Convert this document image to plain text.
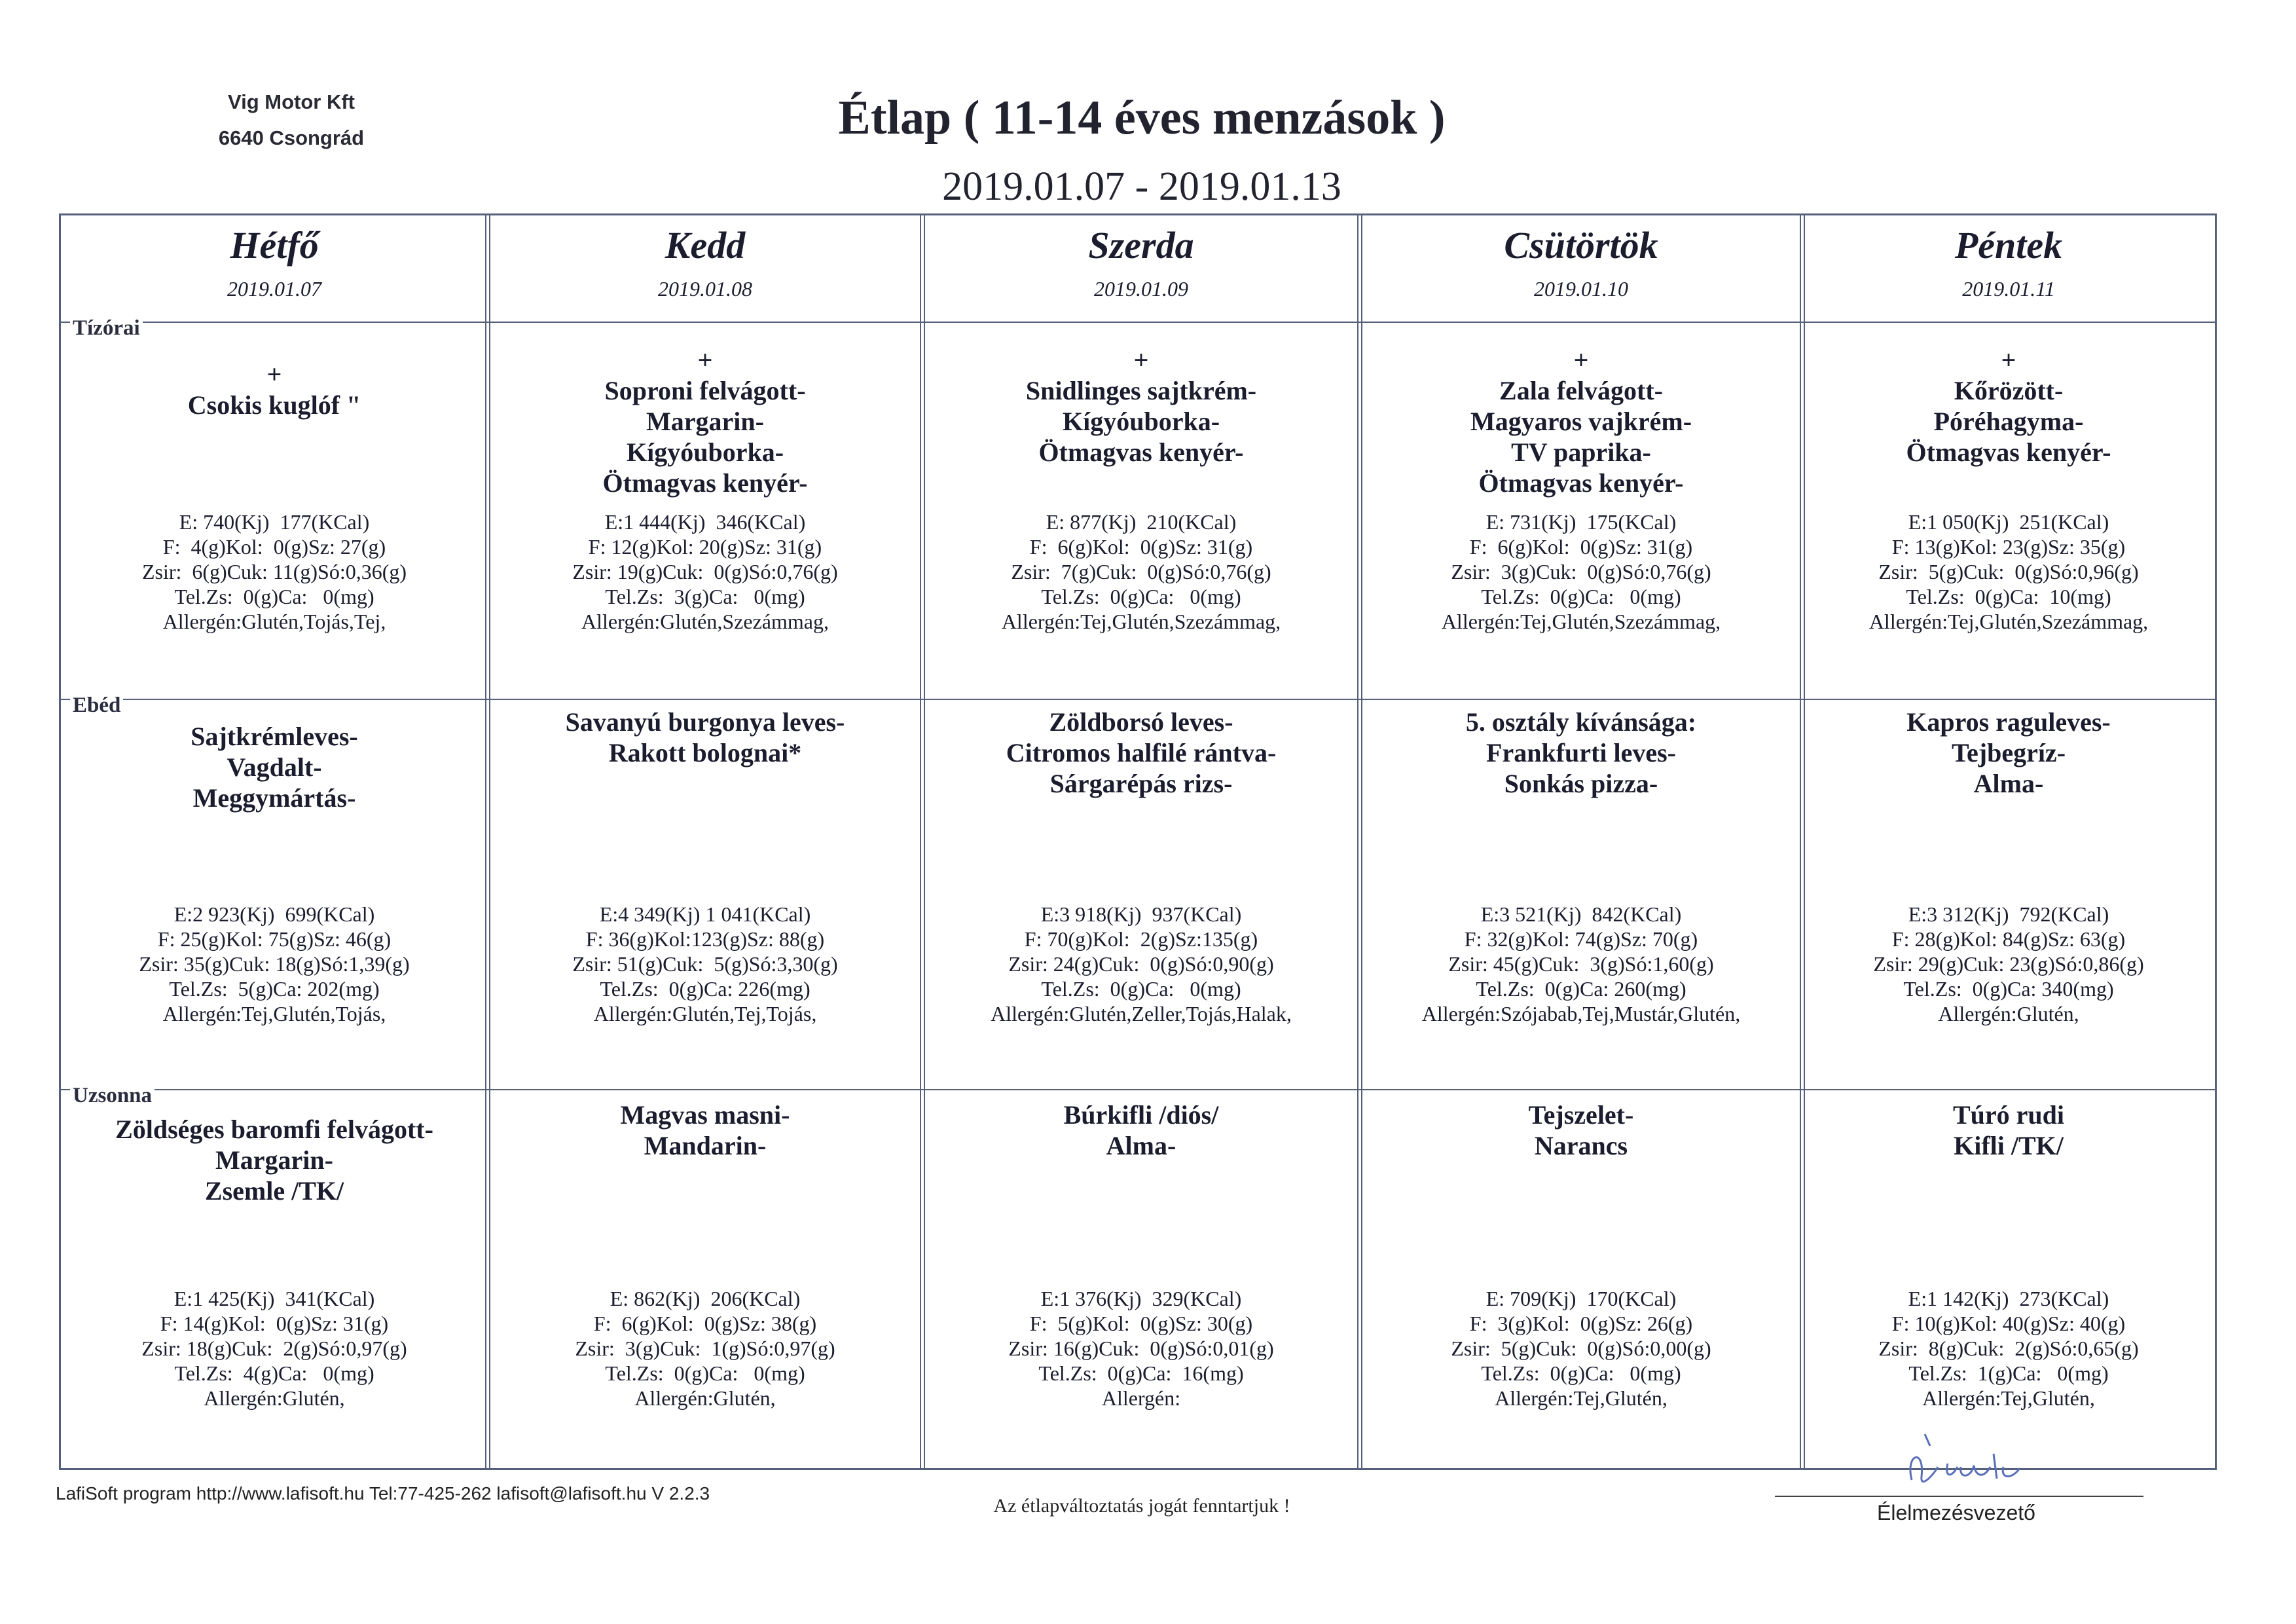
Vig Motor Kft
6640 Csongrád	Étlap ( 11-14 éves menzások )
2019.01.07 - 2019.01.13
Hétfő
2019.01.07
+
Csokis kuglóf "
E: 740(Kj)  177(KCal)
F:  4(g)Kol:  0(g)Sz: 27(g)
Zsir:  6(g)Cuk: 11(g)Só:0,36(g)
Tel.Zs:  0(g)Ca:   0(mg)
Allergén:Glutén,Tojás,Tej,
Sajtkrémleves-
Vagdalt-
Meggymártás-
E:2 923(Kj)  699(KCal)
F: 25(g)Kol: 75(g)Sz: 46(g)
Zsir: 35(g)Cuk: 18(g)Só:1,39(g)
Tel.Zs:  5(g)Ca: 202(mg)
Allergén:Tej,Glutén,Tojás,
Zöldséges baromfi felvágott-
Margarin-
Zsemle /TK/
E:1 425(Kj)  341(KCal)
F: 14(g)Kol:  0(g)Sz: 31(g)
Zsir: 18(g)Cuk:  2(g)Só:0,97(g)
Tel.Zs:  4(g)Ca:   0(mg)
Allergén:Glutén,
Kedd
2019.01.08
+
Soproni felvágott-
Margarin-
Kígyóuborka-
Ötmagvas kenyér-
E:1 444(Kj)  346(KCal)
F: 12(g)Kol: 20(g)Sz: 31(g)
Zsir: 19(g)Cuk:  0(g)Só:0,76(g)
Tel.Zs:  3(g)Ca:   0(mg)
Allergén:Glutén,Szezámmag,
Savanyú burgonya leves-
Rakott bolognai*
E:4 349(Kj) 1 041(KCal)
F: 36(g)Kol:123(g)Sz: 88(g)
Zsir: 51(g)Cuk:  5(g)Só:3,30(g)
Tel.Zs:  0(g)Ca: 226(mg)
Allergén:Glutén,Tej,Tojás,
Magvas masni-
Mandarin-
E: 862(Kj)  206(KCal)
F:  6(g)Kol:  0(g)Sz: 38(g)
Zsir:  3(g)Cuk:  1(g)Só:0,97(g)
Tel.Zs:  0(g)Ca:   0(mg)
Allergén:Glutén,
Szerda
2019.01.09
+
Snidlinges sajtkrém-
Kígyóuborka-
Ötmagvas kenyér-
E: 877(Kj)  210(KCal)
F:  6(g)Kol:  0(g)Sz: 31(g)
Zsir:  7(g)Cuk:  0(g)Só:0,76(g)
Tel.Zs:  0(g)Ca:   0(mg)
Allergén:Tej,Glutén,Szezámmag,
Zöldborsó leves-
Citromos halfilé rántva-
Sárgarépás rizs-
E:3 918(Kj)  937(KCal)
F: 70(g)Kol:  2(g)Sz:135(g)
Zsir: 24(g)Cuk:  0(g)Só:0,90(g)
Tel.Zs:  0(g)Ca:   0(mg)
Allergén:Glutén,Zeller,Tojás,Halak,
Búrkifli /diós/
Alma-
E:1 376(Kj)  329(KCal)
F:  5(g)Kol:  0(g)Sz: 30(g)
Zsir: 16(g)Cuk:  0(g)Só:0,01(g)
Tel.Zs:  0(g)Ca:  16(mg)
Allergén:
Csütörtök
2019.01.10
+
Zala felvágott-
Magyaros vajkrém-
TV paprika-
Ötmagvas kenyér-
E: 731(Kj)  175(KCal)
F:  6(g)Kol:  0(g)Sz: 31(g)
Zsir:  3(g)Cuk:  0(g)Só:0,76(g)
Tel.Zs:  0(g)Ca:   0(mg)
Allergén:Tej,Glutén,Szezámmag,
5. osztály kívánsága:
Frankfurti leves-
Sonkás pizza-
E:3 521(Kj)  842(KCal)
F: 32(g)Kol: 74(g)Sz: 70(g)
Zsir: 45(g)Cuk:  3(g)Só:1,60(g)
Tel.Zs:  0(g)Ca: 260(mg)
Allergén:Szójabab,Tej,Mustár,Glutén,
Tejszelet-
Narancs
E: 709(Kj)  170(KCal)
F:  3(g)Kol:  0(g)Sz: 26(g)
Zsir:  5(g)Cuk:  0(g)Só:0,00(g)
Tel.Zs:  0(g)Ca:   0(mg)
Allergén:Tej,Glutén,
Péntek
2019.01.11
+
Kőrözött-
Póréhagyma-
Ötmagvas kenyér-
E:1 050(Kj)  251(KCal)
F: 13(g)Kol: 23(g)Sz: 35(g)
Zsir:  5(g)Cuk:  0(g)Só:0,96(g)
Tel.Zs:  0(g)Ca:  10(mg)
Allergén:Tej,Glutén,Szezámmag,
Kapros raguleves-
Tejbegríz-
Alma-
E:3 312(Kj)  792(KCal)
F: 28(g)Kol: 84(g)Sz: 63(g)
Zsir: 29(g)Cuk: 23(g)Só:0,86(g)
Tel.Zs:  0(g)Ca: 340(mg)
Allergén:Glutén,
Túró rudi
Kifli /TK/
E:1 142(Kj)  273(KCal)
F: 10(g)Kol: 40(g)Sz: 40(g)
Zsir:  8(g)Cuk:  2(g)Só:0,65(g)
Tel.Zs:  1(g)Ca:   0(mg)
Allergén:Tej,Glutén,
Tízórai
Ebéd
Uzsonna
LafiSoft program http://www.lafisoft.hu Tel:77-425-262 lafisoft@lafisoft.hu V 2.2.3
Az étlapváltoztatás jogát fenntartjuk !	Élelmezésvezető
